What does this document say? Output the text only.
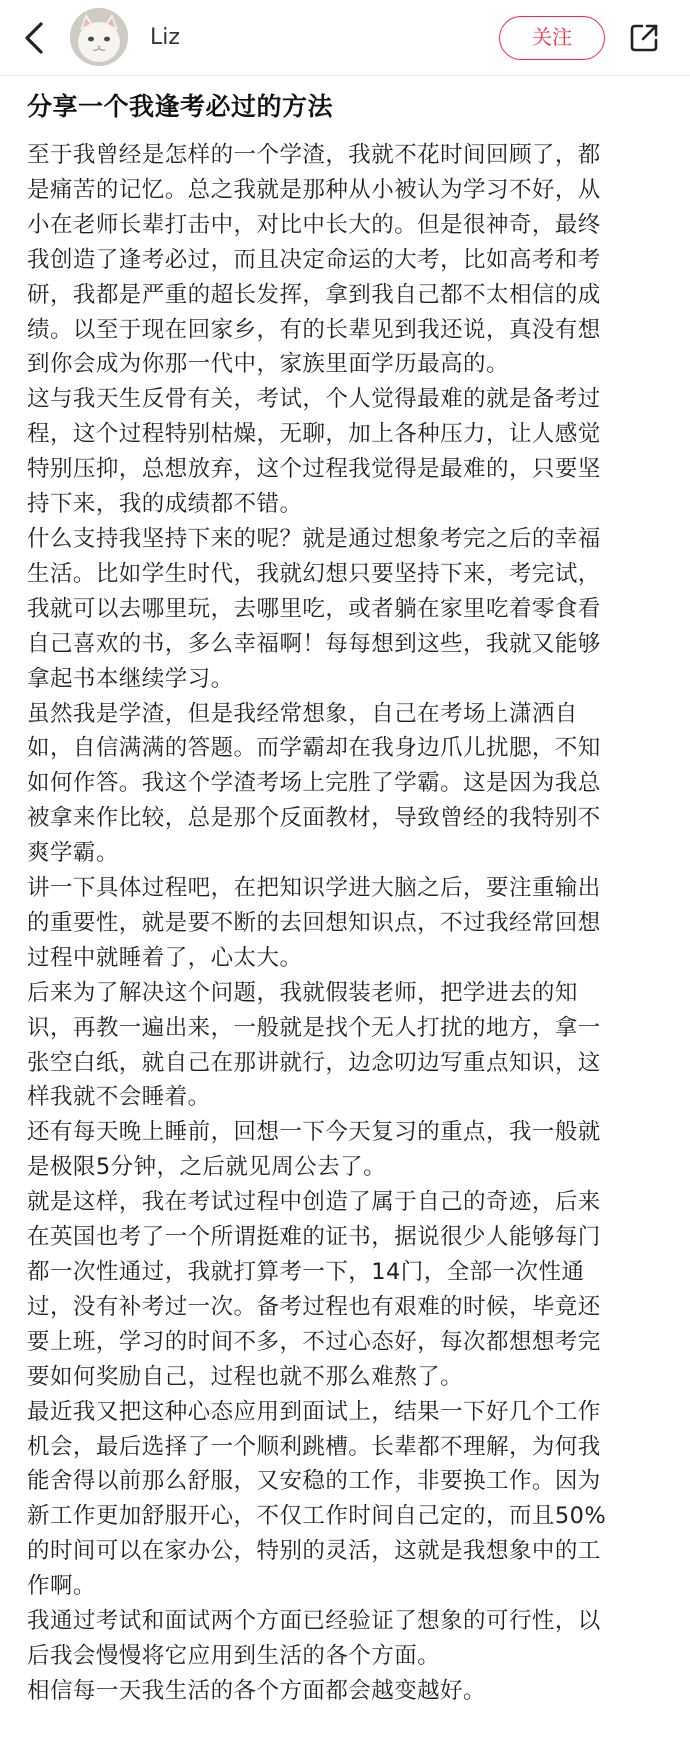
Liz	关注
分享一个我逢考必过的方法

至于我曾经是怎样的一个学渣，我就不花时间回顾了，都
是痛苦的记忆。总之我就是那种从小被认为学习不好，从
小在老师长辈打击中，对比中长大的。但是很神奇，最终
我创造了逢考必过，而且决定命运的大考，比如高考和考
研，我都是严重的超长发挥，拿到我自己都不太相信的成
绩。以至于现在回家乡，有的长辈见到我还说，真没有想
到你会成为你那一代中，家族里面学历最高的。

这与我天生反骨有关，考试，个人觉得最难的就是备考过
程，这个过程特别枯燥，无聊，加上各种压力，让人感觉
特别压抑，总想放弃，这个过程我觉得是最难的，只要坚
持下来，我的成绩都不错。

什么支持我坚持下来的呢？就是通过想象考完之后的幸福
生活。比如学生时代，我就幻想只要坚持下来，考完试，
我就可以去哪里玩，去哪里吃，或者躺在家里吃着零食看
自己喜欢的书，多么幸福啊！每每想到这些，我就又能够
拿起书本继续学习。

虽然我是学渣，但是我经常想象，自己在考场上潇洒自
如，自信满满的答题。而学霸却在我身边爪儿扰腮，不知
如何作答。我这个学渣考场上完胜了学霸。这是因为我总
被拿来作比较，总是那个反面教材，导致曾经的我特别不
爽学霸。

讲一下具体过程吧，在把知识学进大脑之后，要注重输出
的重要性，就是要不断的去回想知识点，不过我经常回想
过程中就睡着了，心太大。

后来为了解决这个问题，我就假装老师，把学进去的知
识，再教一遍出来，一般就是找个无人打扰的地方，拿一
张空白纸，就自己在那讲就行，边念叨边写重点知识，这
样我就不会睡着。

还有每天晚上睡前，回想一下今天复习的重点，我一般就
是极限5分钟，之后就见周公去了。

就是这样，我在考试过程中创造了属于自己的奇迹，后来
在英国也考了一个所谓挺难的证书，据说很少人能够每门
都一次性通过，我就打算考一下，14门，全部一次性通
过，没有补考过一次。备考过程也有艰难的时候，毕竟还
要上班，学习的时间不多，不过心态好，每次都想想考完
要如何奖励自己，过程也就不那么难熬了。

最近我又把这种心态应用到面试上，结果一下好几个工作
机会，最后选择了一个顺利跳槽。长辈都不理解，为何我
能舍得以前那么舒服，又安稳的工作，非要换工作。因为
新工作更加舒服开心，不仅工作时间自己定的，而且50%
的时间可以在家办公，特别的灵活，这就是我想象中的工
作啊。

我通过考试和面试两个方面已经验证了想象的可行性，以
后我会慢慢将它应用到生活的各个方面。

相信每一天我生活的各个方面都会越变越好。
